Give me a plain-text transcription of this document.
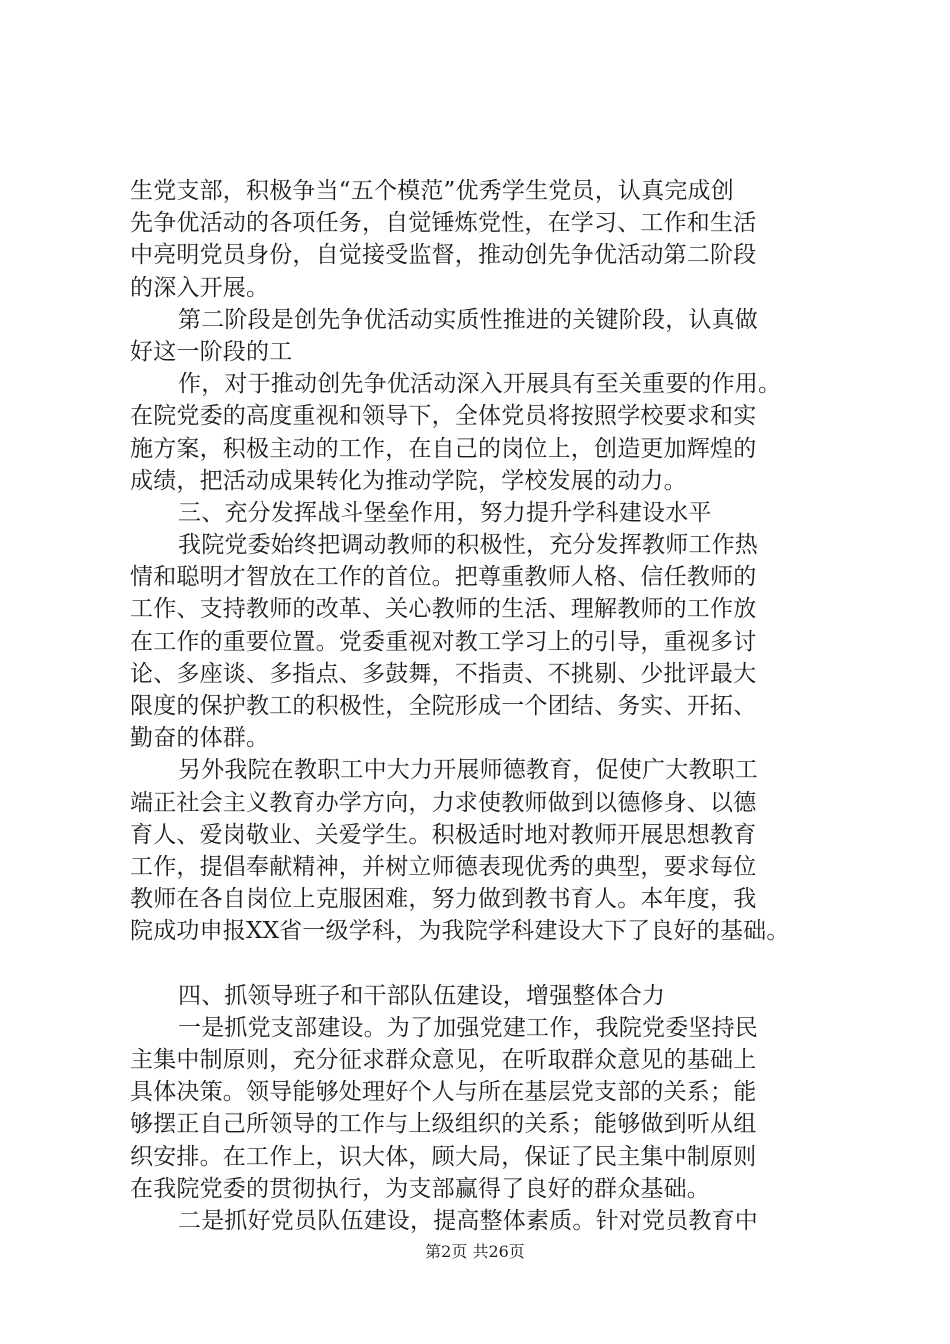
生党支部，积极争当“五个模范”优秀学生党员，认真完成创
先争优活动的各项任务，自觉锤炼党性，在学习、工作和生活
中亮明党员身份，自觉接受监督，推动创先争优活动第二阶段
的深入开展。
第二阶段是创先争优活动实质性推进的关键阶段，认真做
好这一阶段的工
作，对于推动创先争优活动深入开展具有至关重要的作用。
在院党委的高度重视和领导下，全体党员将按照学校要求和实
施方案，积极主动的工作，在自己的岗位上，创造更加辉煌的
成绩，把活动成果转化为推动学院，学校发展的动力。
三、充分发挥战斗堡垒作用，努力提升学科建设水平
我院党委始终把调动教师的积极性，充分发挥教师工作热
情和聪明才智放在工作的首位。把尊重教师人格、信任教师的
工作、支持教师的改革、关心教师的生活、理解教师的工作放
在工作的重要位置。党委重视对教工学习上的引导，重视多讨
论、多座谈、多指点、多鼓舞，不指责、不挑剔、少批评最大
限度的保护教工的积极性，全院形成一个团结、务实、开拓、
勤奋的体群。
另外我院在教职工中大力开展师德教育，促使广大教职工
端正社会主义教育办学方向，力求使教师做到以德修身、以德
育人、爱岗敬业、关爱学生。积极适时地对教师开展思想教育
工作，提倡奉献精神，并树立师德表现优秀的典型，要求每位
教师在各自岗位上克服困难，努力做到教书育人。本年度，我
院成功申报XX省一级学科，为我院学科建设大下了良好的基础。
四、抓领导班子和干部队伍建设，增强整体合力
一是抓党支部建设。为了加强党建工作，我院党委坚持民
主集中制原则，充分征求群众意见，在听取群众意见的基础上
具体决策。领导能够处理好个人与所在基层党支部的关系；能
够摆正自己所领导的工作与上级组织的关系；能够做到听从组
织安排。在工作上，识大体，顾大局，保证了民主集中制原则
在我院党委的贯彻执行，为支部赢得了良好的群众基础。
二是抓好党员队伍建设，提高整体素质。针对党员教育中
第2页 共26页
